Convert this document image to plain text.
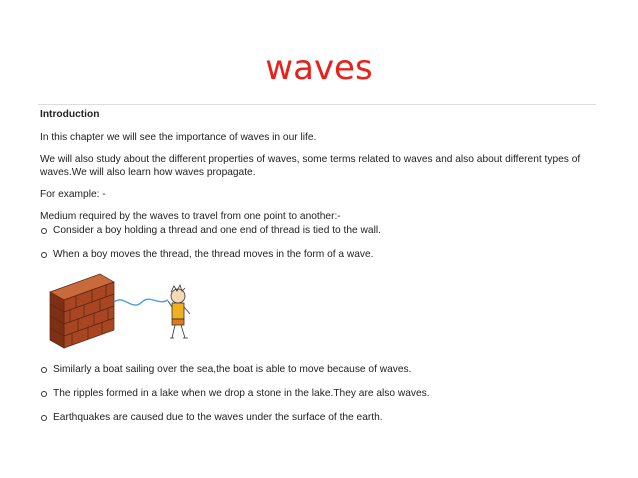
waves
Introduction
In this chapter we will see the importance of waves in our life.
We will also study about the different properties of waves, some terms related to waves and also about different types of waves.We will also learn how waves propagate.
For example: -
Medium required by the waves to travel from one point to another:-
Consider a boy holding a thread and one end of thread is tied to the wall.
When a boy moves the thread, the thread moves in the form of a wave.
Similarly a boat sailing over the sea,the boat is able to move because of waves.
The ripples formed in a lake when we drop a stone in the lake.They are also waves.
Earthquakes are caused due to the waves under the surface of the earth.
